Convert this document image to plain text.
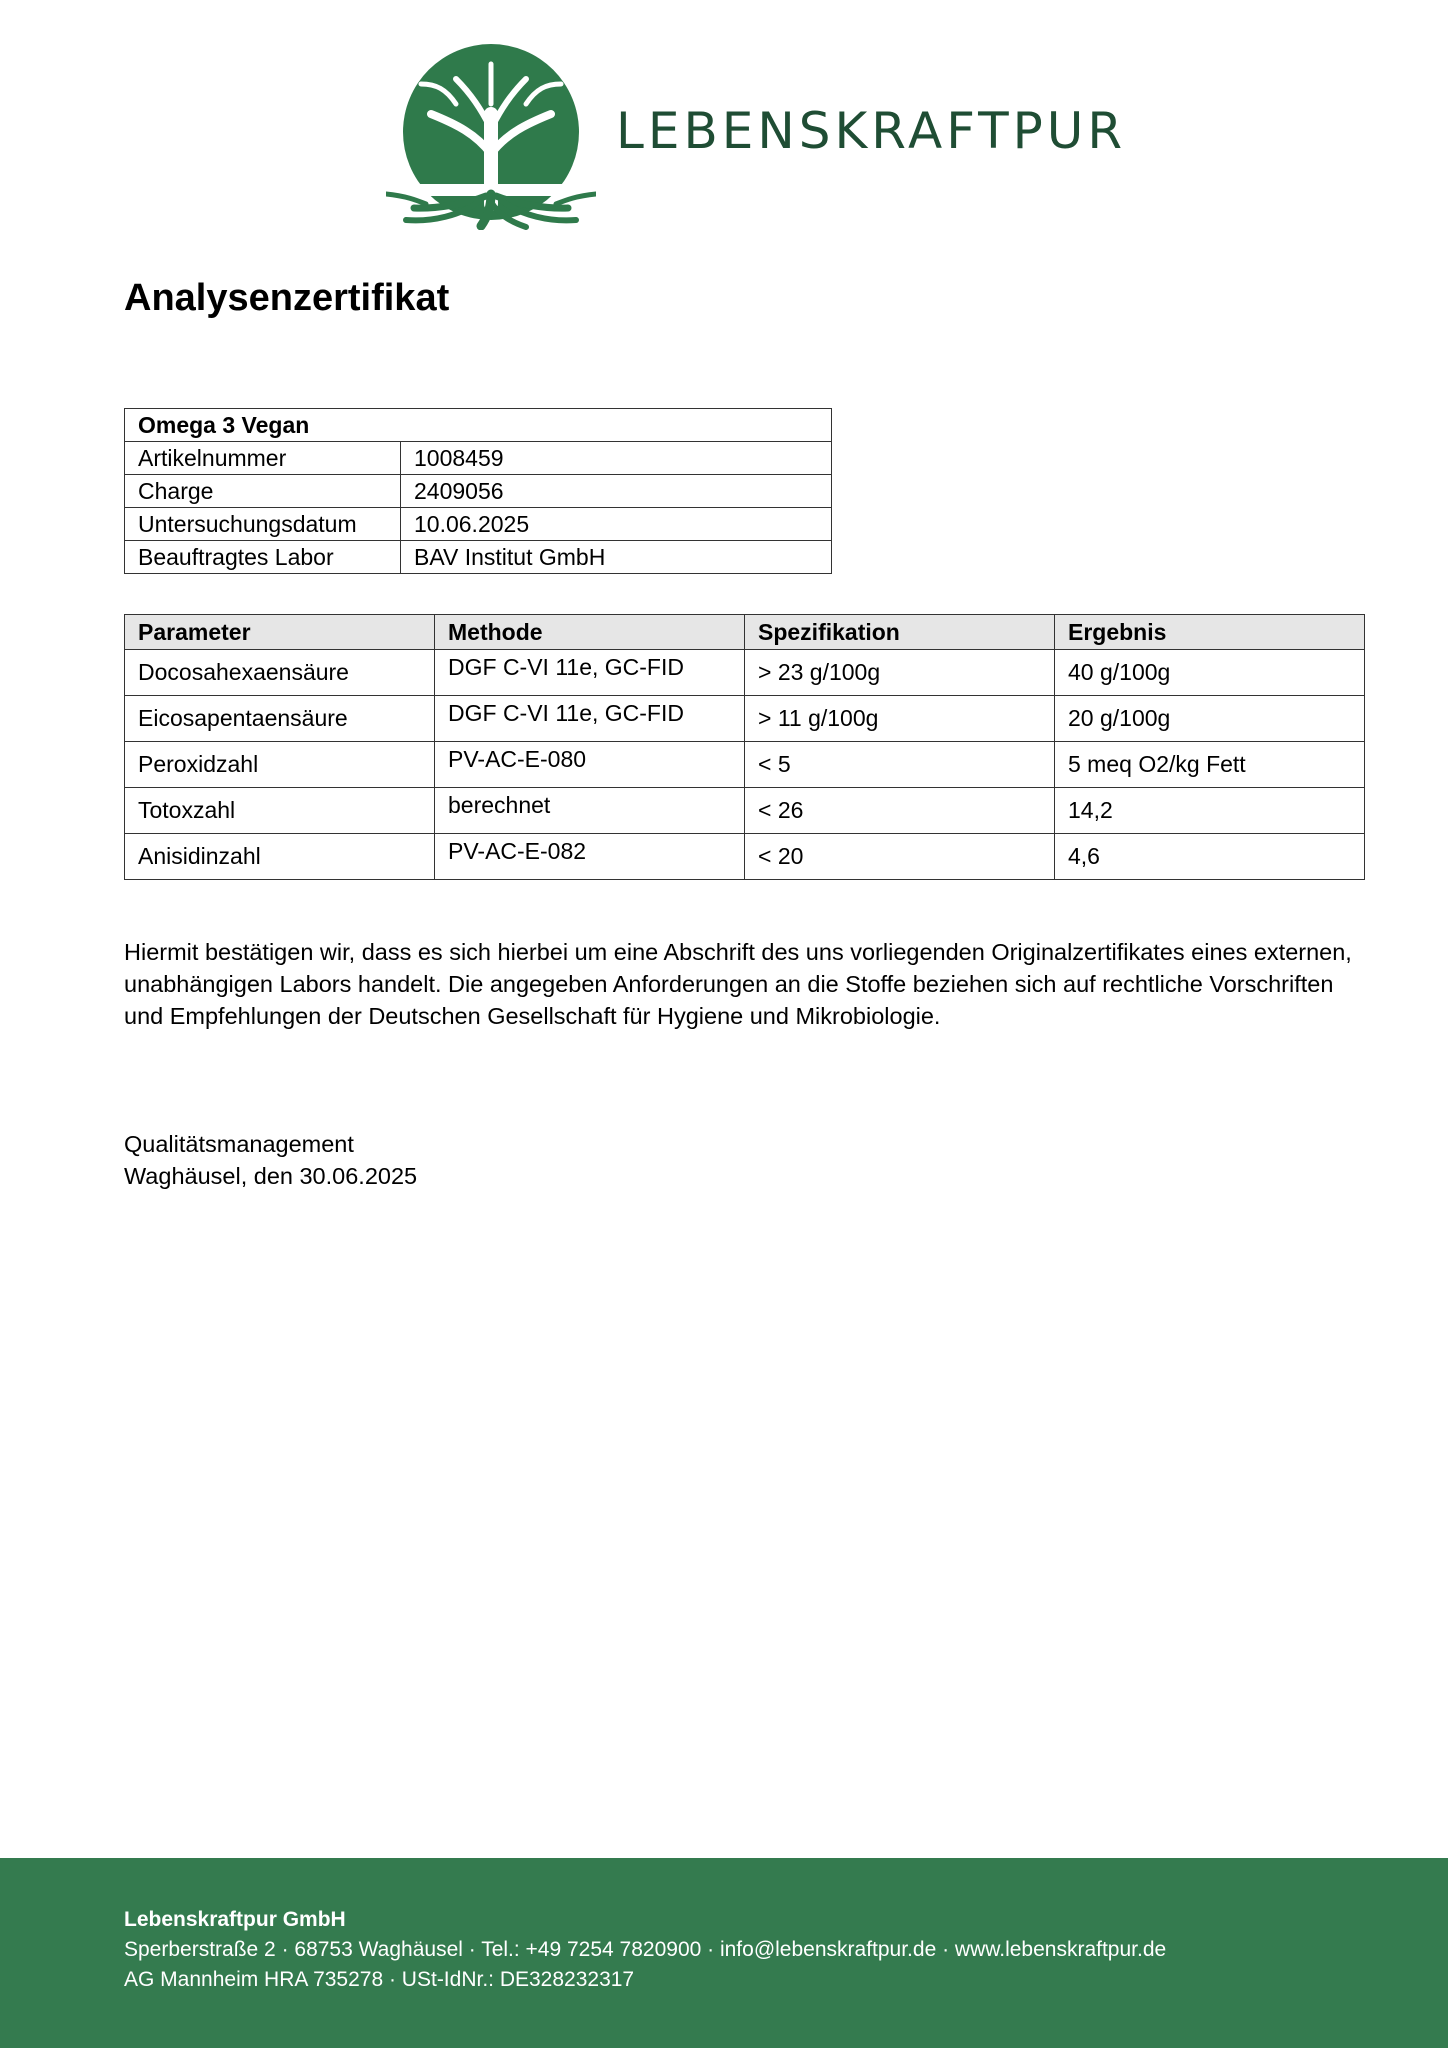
LEBENSKRAFTPUR
Analysenzertifikat
Omega 3 Vegan	
Artikelnummer	1008459
Charge	2409056
Untersuchungsdatum	10.06.2025
Beauftragtes Labor	BAV Institut GmbH
Parameter	Methode	Spezifikation	Ergebnis
Docosahexaensäure	DGF C-VI 11e, GC-FID	> 23 g/100g	40 g/100g
Eicosapentaensäure	DGF C-VI 11e, GC-FID	> 11 g/100g	20 g/100g
Peroxidzahl	PV-AC-E-080	< 5	5 meq O2/kg Fett
Totoxzahl	berechnet	< 26	14,2
Anisidinzahl	PV-AC-E-082	< 20	4,6

Hiermit bestätigen wir, dass es sich hierbei um eine Abschrift des uns vorliegenden Originalzertifikates eines externen, unabhängigen Labors handelt. Die angegeben Anforderungen an die Stoffe beziehen sich auf rechtliche Vorschriften und Empfehlungen der Deutschen Gesellschaft für Hygiene und Mikrobiologie.

Qualitätsmanagement
Waghäusel, den 30.06.2025
Lebenskraftpur GmbH
Sperberstraße 2 · 68753 Waghäusel · Tel.: +49 7254 7820900 · info@lebenskraftpur.de · www.lebenskraftpur.de
AG Mannheim HRA 735278 · USt-IdNr.: DE328232317
